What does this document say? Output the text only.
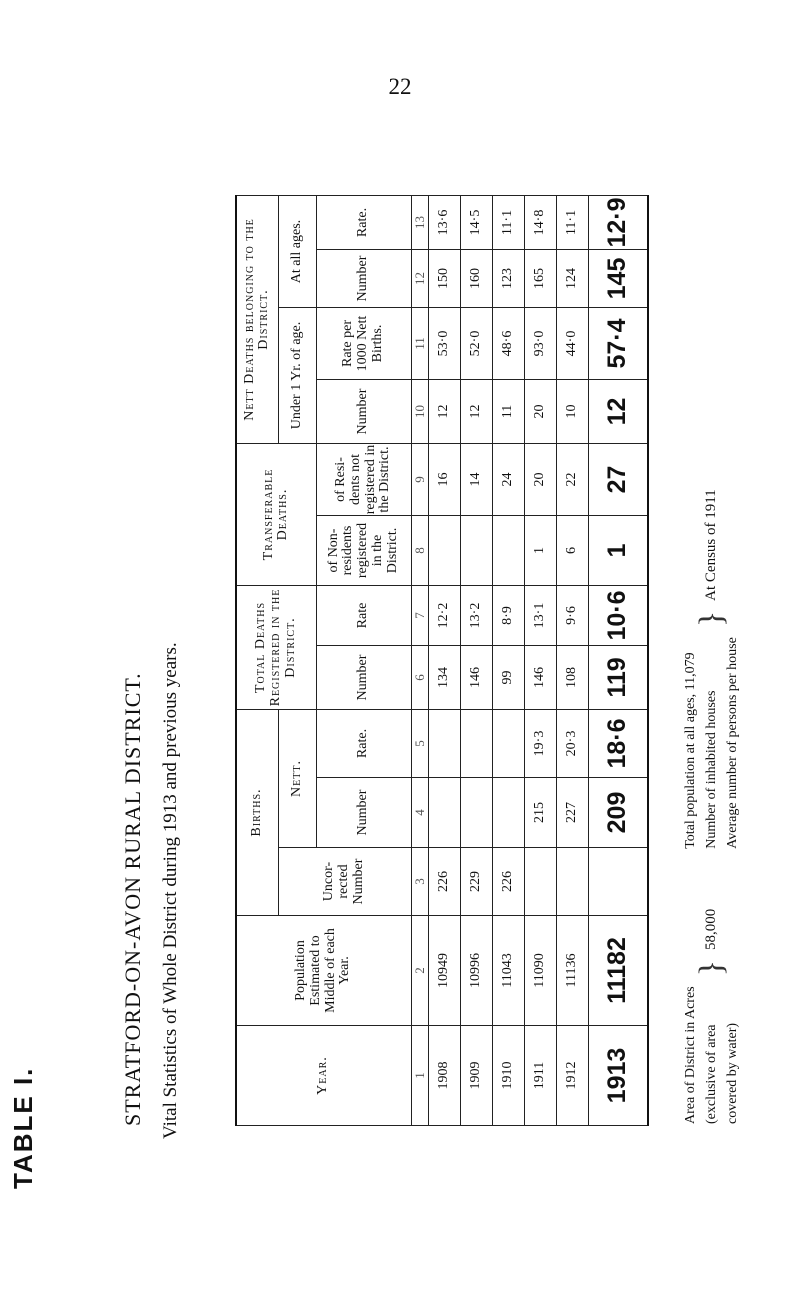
22
TABLE I.
STRATFORD-ON-AVON RURAL DISTRICT. Vital Statistics of Whole District during 1913 and previous years.	Year.	Population Estimated to Middle of each Year.	Births.			Total Deaths Registered in the District.		Transferable Deaths.		Nett Deaths belonging to the District.			
		Uncor-rected Number	Nett.						Under 1 Yr. of age.		At all ages.	
			Number	Rate.	Number	Rate	of Non-residents registered in the District.	of Resi-dents not registered in the District.	Number	Rate per 1000 Nett Births.	Number	Rate.
1	2	3	4	5	6	7	8	9	10	11	12	13
1908	10949	226			134	12·2		16	12	53·0	150	13·6
1909	10996	229			146	13·2		14	12	52·0	160	14·5
1910	11043	226			99	8·9		24	11	48·6	123	11·1
1911	11090		215	19·3	146	13·1	1	20	20	93·0	165	14·8
1912	11136		227	20·3	108	9·6	6	22	10	44·0	124	11·1
1913	11182		209	18·6	119	10·6	1	27	12	57·4	145	12·9
Area of District in Acres (exclusive of area covered by water)
}
58,000
Total population at all ages, 11,079 Number of inhabited houses Average number of persons per house
}
At Census of 1911
